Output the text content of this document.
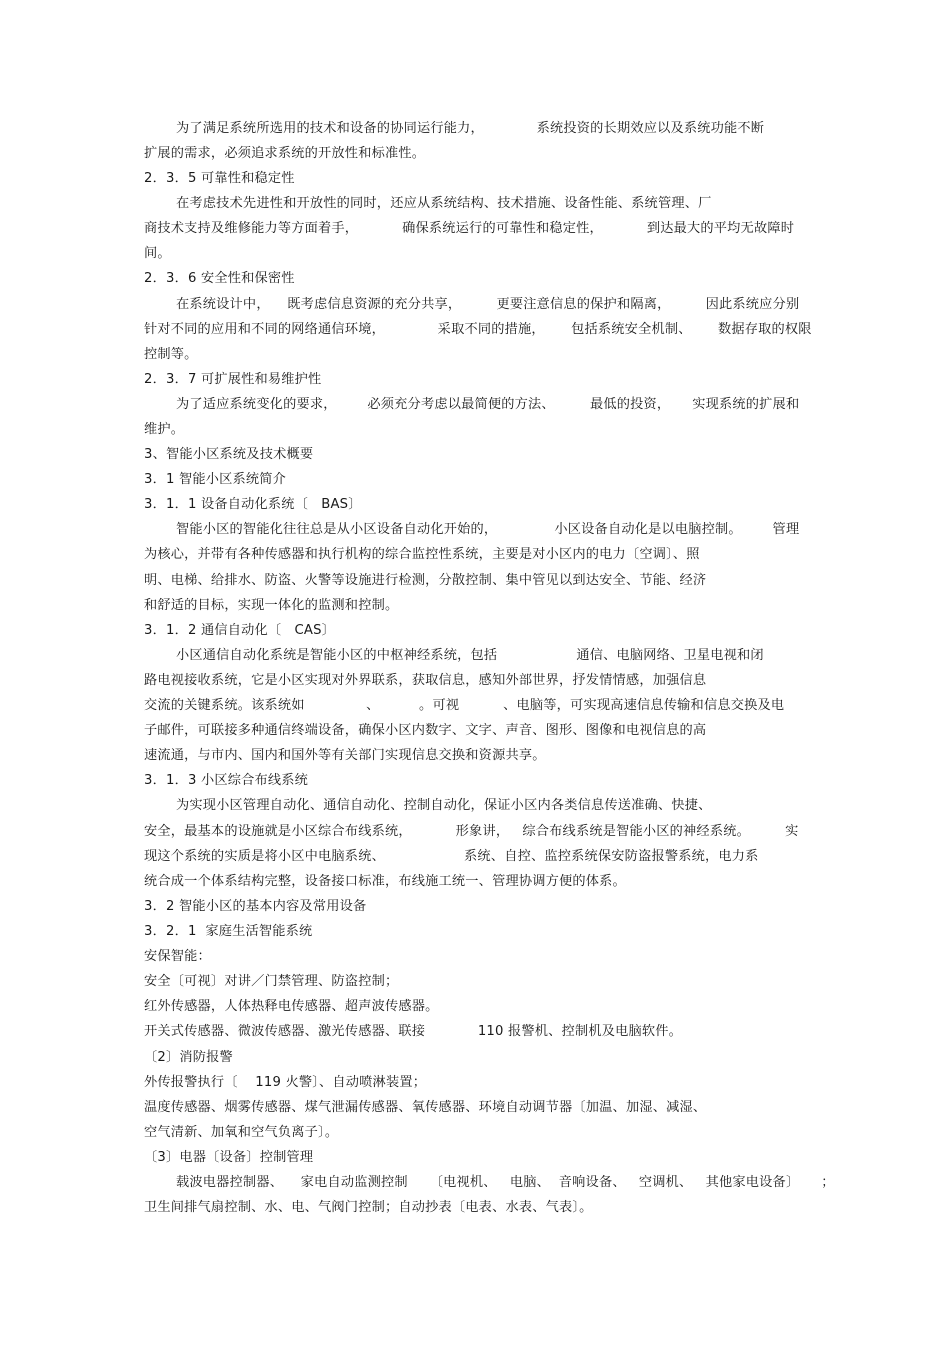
为了满足系统所选用的技术和设备的协同运行能力，            系统投资的长期效应以及系统功能不断
扩展的需求，必须追求系统的开放性和标准性。
2．3．5 可靠性和稳定性
在考虑技术先进性和开放性的同时，还应从系统结构、技术措施、设备性能、系统管理、厂
商技术支持及维修能力等方面着手，          确保系统运行的可靠性和稳定性，          到达最大的平均无故障时
间。
2．3．6 安全性和保密性
在系统设计中，    既考虑信息资源的充分共享，        更要注意信息的保护和隔离，        因此系统应分别
针对不同的应用和不同的网络通信环境，            采取不同的措施，      包括系统安全机制、      数据存取的权限
控制等。
2．3．7 可扩展性和易维护性
为了适应系统变化的要求，       必须充分考虑以最简便的方法、        最低的投资，     实现系统的扩展和
维护。
3、智能小区系统及技术概要
3．1 智能小区系统简介
3．1．1 设备自动化系统〔   BAS〕
智能小区的智能化往往总是从小区设备自动化开始的，             小区设备自动化是以电脑控制。       管理
为核心，并带有各种传感器和执行机构的综合监控性系统，主要是对小区内的电力〔空调〕、照
明、电梯、给排水、防盗、火警等设施进行检测，分散控制、集中管见以到达安全、节能、经济
和舒适的目标，实现一体化的监测和控制。
3．1．2 通信自动化〔   CAS〕
小区通信自动化系统是智能小区的中枢神经系统，包括                  通信、电脑网络、卫星电视和闭
路电视接收系统，它是小区实现对外界联系，获取信息，感知外部世界，抒发情情感，加强信息
交流的关键系统。该系统如              、         。可视          、电脑等，可实现高速信息传输和信息交换及电
子邮件，可联接多种通信终端设备，确保小区内数字、文字、声音、图形、图像和电视信息的高
速流通，与市内、国内和国外等有关部门实现信息交换和资源共享。
3．1．3 小区综合布线系统
为实现小区管理自动化、通信自动化、控制自动化，保证小区内各类信息传送准确、快捷、
安全，最基本的设施就是小区综合布线系统，          形象讲，   综合布线系统是智能小区的神经系统。        实
现这个系统的实质是将小区中电脑系统、                  系统、自控、监控系统保安防盗报警系统，电力系
统合成一个体系结构完整，设备接口标准，布线施工统一、管理协调方便的体系。
3．2 智能小区的基本内容及常用设备
3．2．1  家庭生活智能系统
安保智能：
安全〔可视〕对讲／门禁管理、防盗控制；
红外传感器，人体热释电传感器、超声波传感器。
开关式传感器、微波传感器、激光传感器、联接            110 报警机、控制机及电脑软件。
〔2〕消防报警
外传报警执行〔    119 火警〕、自动喷淋装置；
温度传感器、烟雾传感器、煤气泄漏传感器、氧传感器、环境自动调节器〔加温、加湿、减湿、
空气清新、加氧和空气负离子〕。
〔3〕电器〔设备〕控制管理
载波电器控制器、    家电自动监测控制     〔电视机、   电脑、  音响设备、   空调机、   其他家电设备〕     ；
卫生间排气扇控制、水、电、气阀门控制；自动抄表〔电表、水表、气表〕。
